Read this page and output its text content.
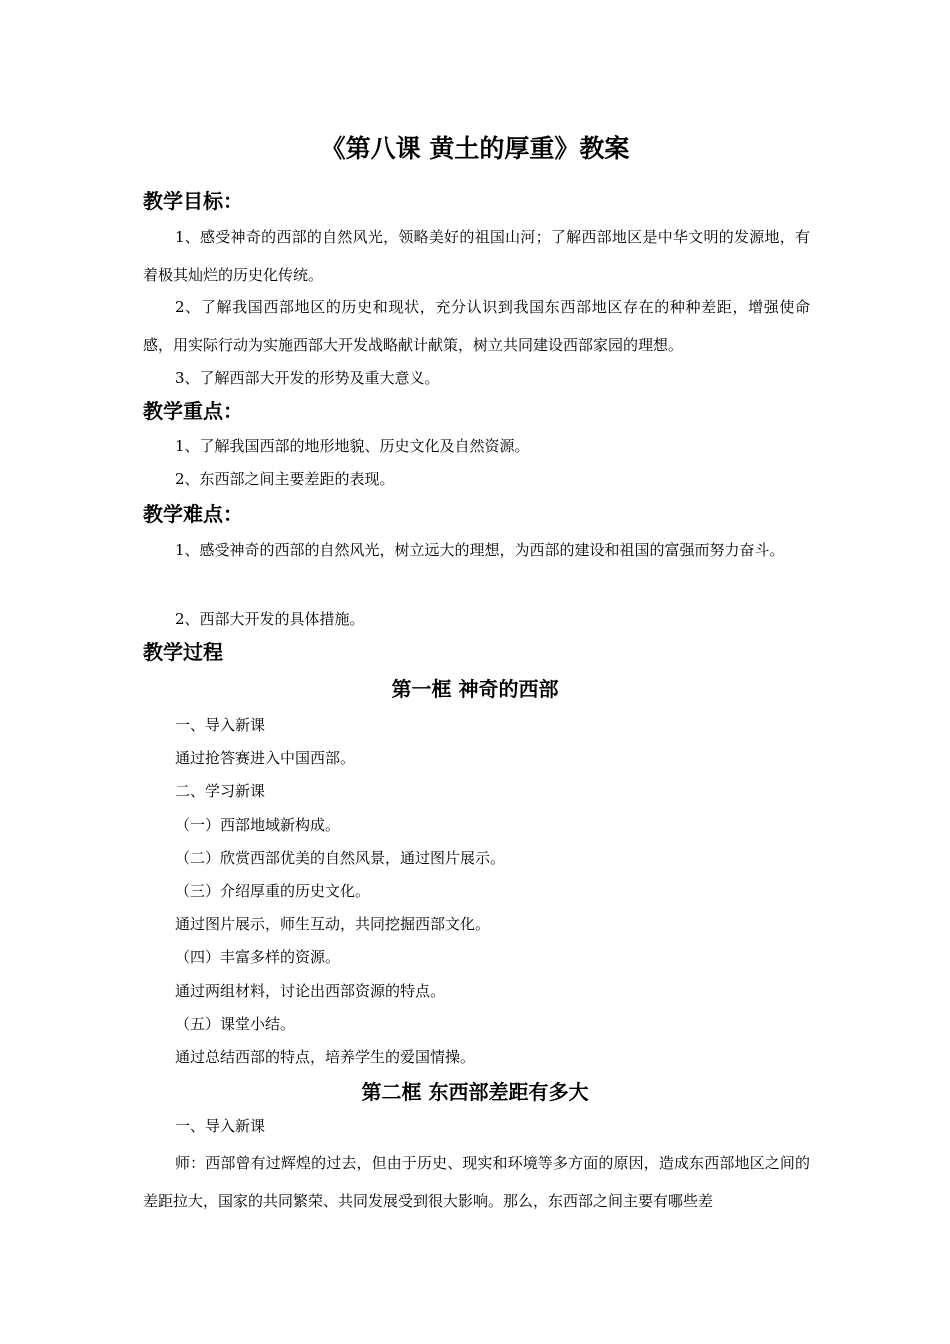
《第八课 黄土的厚重》教案
教学目标：
1、感受神奇的西部的自然风光，领略美好的祖国山河；了解西部地区是中华文明的发源地，有着极其灿烂的历史化传统。
2、了解我国西部地区的历史和现状，充分认识到我国东西部地区存在的种种差距，增强使命感，用实际行动为实施西部大开发战略献计献策，树立共同建设西部家园的理想。
3、了解西部大开发的形势及重大意义。
教学重点：
1、了解我国西部的地形地貌、历史文化及自然资源。
2、东西部之间主要差距的表现。
教学难点：
1、感受神奇的西部的自然风光，树立远大的理想，为西部的建设和祖国的富强而努力奋斗。
2、西部大开发的具体措施。
教学过程
第一框 神奇的西部
一、导入新课
通过抢答赛进入中国西部。
二、学习新课
（一）西部地域新构成。
（二）欣赏西部优美的自然风景，通过图片展示。
（三）介绍厚重的历史文化。
通过图片展示，师生互动，共同挖掘西部文化。
（四）丰富多样的资源。
通过两组材料，讨论出西部资源的特点。
（五）课堂小结。
通过总结西部的特点，培养学生的爱国情操。
第二框 东西部差距有多大
一、导入新课
师：西部曾有过辉煌的过去，但由于历史、现实和环境等多方面的原因，造成东西部地区之间的差距拉大，国家的共同繁荣、共同发展受到很大影响。那么，东西部之间主要有哪些差
